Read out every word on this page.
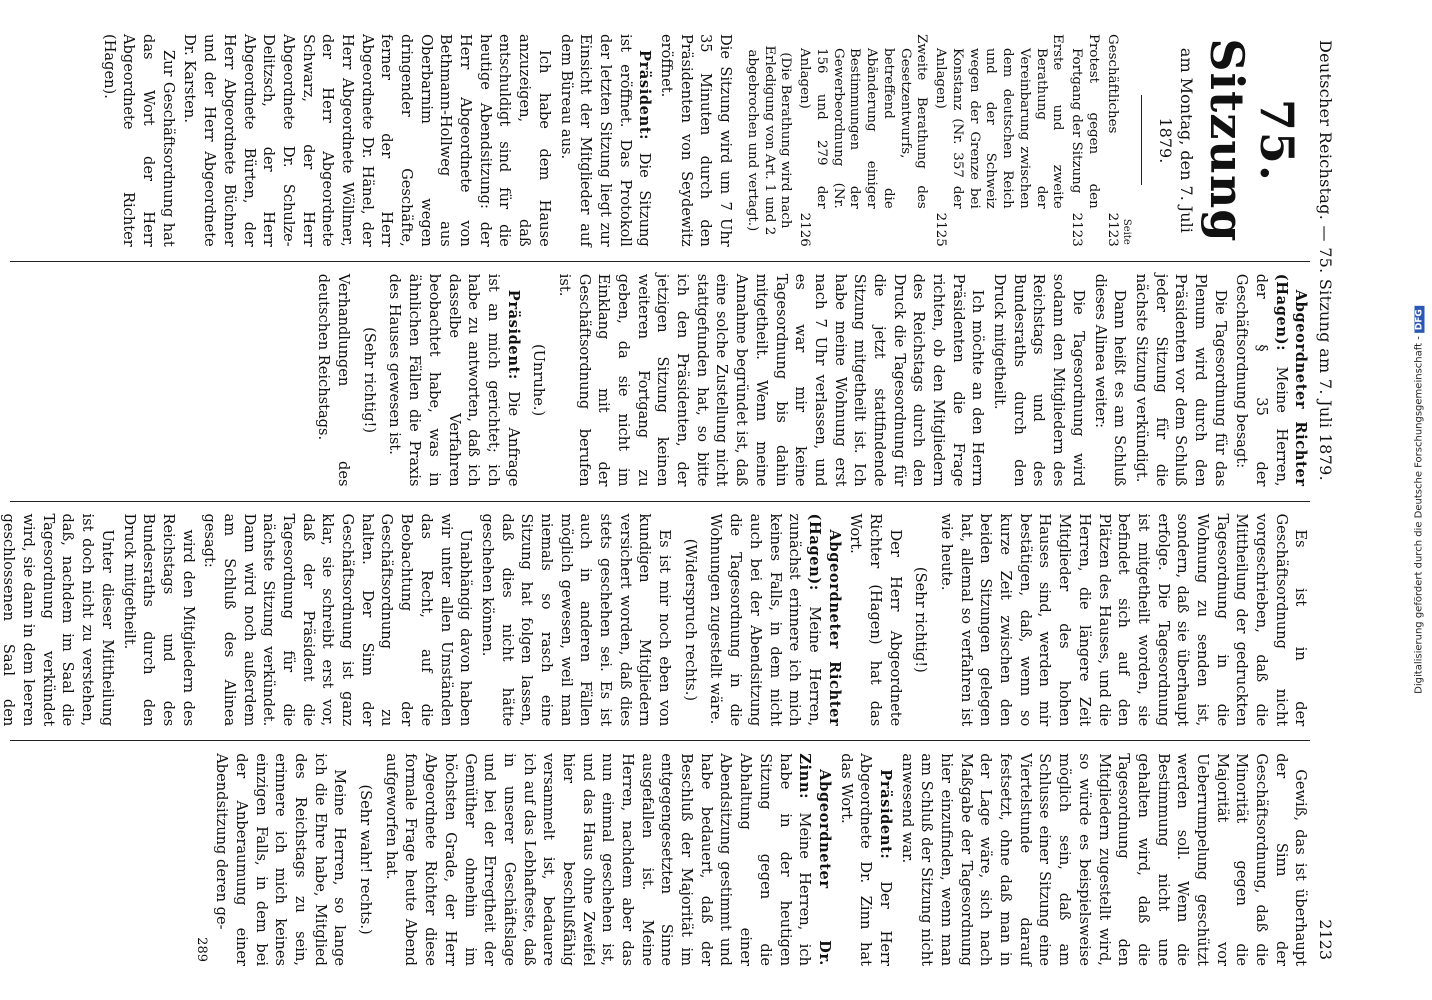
Deutscher Reichstag. — 75. Sitzung am 7. Juli 1879.
2123
75. Sitzung
am Montag, den 7. Juli 1879.
Seite
Geschäftliches
2123
Protest gegen den Fortgang der Sitzung
2123
Erste und zweite Berathung der Vereinbarung zwischen dem deutschen Reich und der Schweiz wegen der Grenze bei Konstanz (Nr. 357 der Anlagen)
2125
Zweite Berathung des Gesetzentwurfs, betreffend die Abänderung einiger Bestimmungen der Gewerbeordnung (Nr. 156 und 279 der Anlagen)
2126
(Die Berathung wird nach Erledigung von Art. 1 und 2 abgebrochen und vertagt.)

Die Sitzung wird um 7 Uhr 35 Minuten durch den Präsidenten von Seydewitz eröffnet.

Präsident: Die Sitzung ist eröffnet. Das Protokoll der letzten Sitzung liegt zur Einsicht der Mitglieder auf dem Büreau aus.

Ich habe dem Hause anzuzeigen, daß entschuldigt sind für die heutige Abendsitzung: der Herr Abgeordnete von Bethmann-Hollweg aus Oberbarnim wegen dringender Geschäfte, ferner der Herr Abgeordnete Dr. Hänel, der Herr Abgeordnete Wöllmer, der Herr Abgeordnete Schwarz, der Herr Abgeordnete Dr. Schulze-Delitzsch, der Herr Abgeordnete Bürten, der Herr Abgeordnete Büchner und der Herr Abgeordnete Dr. Karsten.

Zur Geschäftsordnung hat das Wort der Herr Abgeordnete Richter (Hagen).

Abgeordneter Richter (Hagen): Meine Herren, der § 35 der Geschäftsordnung besagt:

Die Tagesordnung für das Plenum wird durch den Präsidenten vor dem Schluß jeder Sitzung für die nächste Sitzung verkündigt.

Dann heißt es am Schluß dieses Alinea weiter:

Die Tagesordnung wird sodann den Mitgliedern des Reichstags und des Bundesraths durch den Druck mitgetheilt.

Ich möchte an den Herrn Präsidenten die Frage richten, ob den Mitgliedern des Reichstags durch den Druck die Tagesordnung für die jetzt stattfindende Sitzung mitgetheilt ist. Ich habe meine Wohnung erst nach 7 Uhr verlassen, und es war mir keine Tagesordnung bis dahin mitgetheilt. Wenn meine Annahme begründet ist, daß eine solche Zustellung nicht stattgefunden hat, so bitte ich den Präsidenten, der jetzigen Sitzung keinen weiteren Fortgang zu geben, da sie nicht im Einklang mit der Geschäftsordnung berufen ist.

(Unruhe.)

Präsident: Die Anfrage ist an mich gerichtet; ich habe zu antworten, daß ich dasselbe Verfahren beobachtet habe, was in ähnlichen Fällen die Praxis des Hauses gewesen ist.

(Sehr richtig!)

Verhandlungen des deutschen Reichstags.

Es ist in der Geschäftsordnung nicht vorgeschrieben, daß die Mittheilung der gedruckten Tagesordnung in die Wohnung zu senden ist, sondern, daß sie überhaupt erfolge. Die Tagesordnung ist mitgetheilt worden, sie befindet sich auf den Plätzen des Hauses, und die Herren, die längere Zeit Mitglieder des hohen Hauses sind, werden mir bestätigen, daß, wenn so kurze Zeit zwischen den beiden Sitzungen gelegen hat, allemal so verfahren ist wie heute.

(Sehr richtig!)

Der Herr Abgeordnete Richter (Hagen) hat das Wort.

Abgeordneter Richter (Hagen): Meine Herren, zunächst erinnere ich mich keines Falls, in dem nicht auch bei der Abendsitzung die Tagesordnung in die Wohnungen zugestellt wäre.

(Widerspruch rechts.)

Es ist mir noch eben von kundigen Mitgliedern versichert worden, daß dies stets geschehen sei. Es ist auch in anderen Fällen möglich gewesen, weil man niemals so rasch eine Sitzung hat folgen lassen, daß dies nicht hätte geschehen können.

Unabhängig davon haben wir unter allen Umständen das Recht, auf die Beobachtung der Geschäftsordnung zu halten. Der Sinn der Geschäftsordnung ist ganz klar, sie schreibt erst vor, daß der Präsident die Tagesordnung für die nächste Sitzung verkündet. Dann wird noch außerdem am Schluß des Alinea gesagt:

wird den Mitgliedern des Reichstags und des Bundesraths durch den Druck mitgetheilt.

Unter dieser Mittheilung ist doch nicht zu verstehen, daß, nachdem im Saal die Tagesordnung verkündet wird, sie dann in dem leeren geschlossenen Saal den

Gewiß, das ist überhaupt der Sinn der Geschäftsordnung, daß die Minorität gegen die Majorität vor Ueberrumpelung geschützt werden soll. Wenn die Bestimmung nicht une gehalten wird, daß die Tagesordnung den Mitgliedern zugestellt wird, so würde es beispielsweise möglich sein, daß am Schlusse einer Sitzung eine Viertelstunde darauf festsetzt, ohne daß man in der Lage wäre, sich nach Maßgabe der Tagesordnung hier einzufinden, wenn man am Schluß der Sitzung nicht anwesend war.

Präsident: Der Herr Abgeordnete Dr. Zinn hat das Wort.

Abgeordneter Dr. Zinn: Meine Herren, ich habe in der heutigen Sitzung gegen die Abhaltung einer Abendsitzung gestimmt und habe bedauert, daß der Beschluß der Majorität im entgegengesetzten Sinne ausgefallen ist. Meine Herren, nachdem aber das nun einmal geschehen ist, und das Haus ohne Zweifel hier beschlußfähig versammelt ist, bedauere ich auf das Lebhafteste, daß in unserer Geschäftslage und bei der Erregtheit der Gemüther ohnehin im höchsten Grade, der Herr Abgeordnete Richter diese formale Frage heute Abend aufgeworfen hat.

(Sehr wahr! rechts.)

Meine Herren, so lange ich die Ehre habe, Mitglied des Reichstags zu sein, erinnere ich mich keines einzigen Falls, in dem bei der Anberaumung einer Abendsitzung deren ge-

289
Digitalisierung gefördert durch die Deutsche Forschungsgemeinschaft -DFG
